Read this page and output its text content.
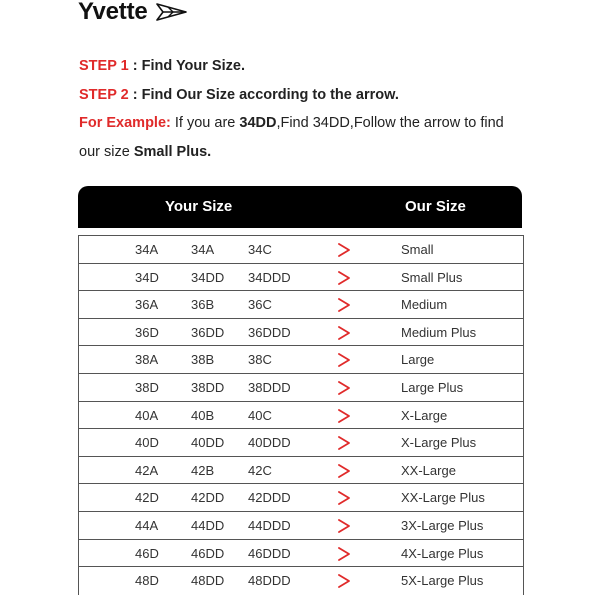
Yvette

STEP 1 : Find Your Size.

STEP 2 : Find Our Size according to the arrow.

For Example: If you are 34DD,Find 34DD,Follow the arrow to find

our size Small Plus.

Your Size	Our Size
34A	34A	34C	Small
34D 34DD 34DDD	Small Plus
36A	36B	36C	Medium
36D 36DD 36DDD	Medium Plus
38A	38B	38C	Large
38D 38DD 38DDD	Large Plus
40A	40B	40C	X-Large
40D 40DD 40DDD	X-Large Plus
42A	42B	42C	XX-Large
42D 42DD 42DDD	XX-Large Plus
44A	44DD 44DDD	3X-Large Plus
46D 46DD 46DDD	4X-Large Plus
48D 48DD 48DDD	5X-Large Plus
